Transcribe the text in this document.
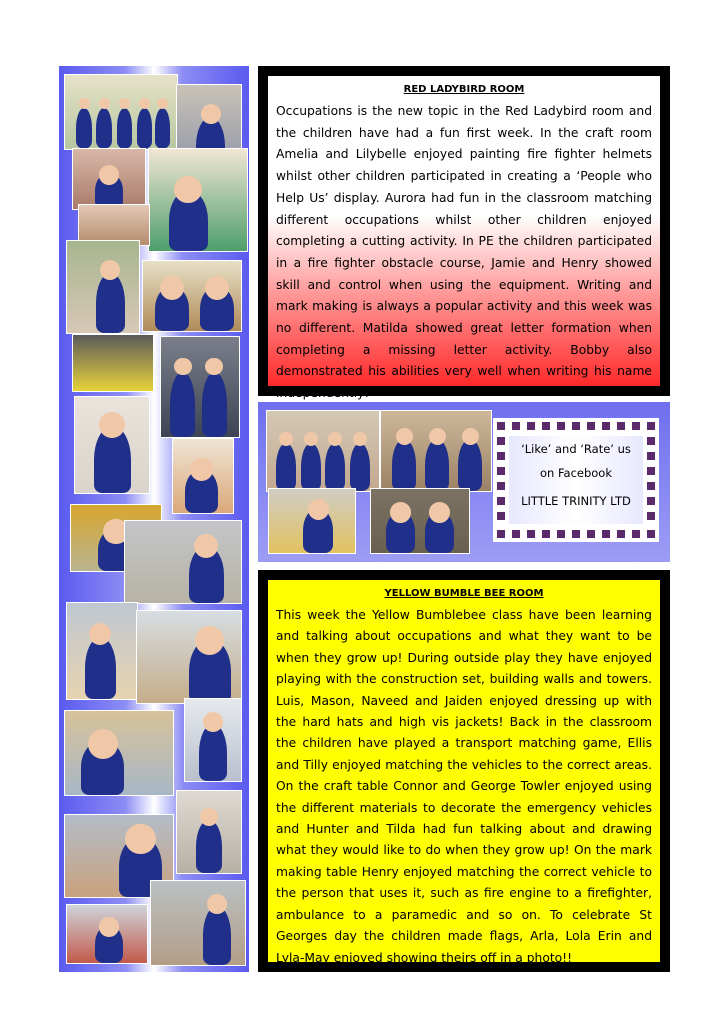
RED LADYBIRD ROOM
Occupations is the new topic in the Red Ladybird room and the children have had a fun first week. In the craft room Amelia and Lilybelle enjoyed painting fire fighter helmets whilst other children participated in creating a ‘People who Help Us’ display. Aurora had fun in the classroom matching different occupations whilst other children enjoyed completing a cutting activity. In PE the children participated in a fire fighter obstacle course, Jamie and Henry showed skill and control when using the equipment. Writing and mark making is always a popular activity and this week was no different. Matilda showed great letter formation when completing a missing letter activity. Bobby also demonstrated his abilities very well when writing his name independently!
‘Like’ and ‘Rate’ us
on Facebook
LITTLE TRINITY LTD
YELLOW BUMBLE BEE ROOM
This week the Yellow Bumblebee class have been learning and talking about occupations and what they want to be when they grow up! During outside play they have enjoyed playing with the construction set, building walls and towers. Luis, Mason, Naveed and Jaiden enjoyed dressing up with the hard hats and high vis jackets! Back in the classroom the children have played a transport matching game, Ellis and Tilly enjoyed matching the vehicles to the correct areas. On the craft table Connor and George Towler enjoyed using the different materials to decorate the emergency vehicles and Hunter and Tilda had fun talking about and drawing what they would like to do when they grow up! On the mark making table Henry enjoyed matching the correct vehicle to the person that uses it, such as fire engine to a firefighter, ambulance to a paramedic and so on. To celebrate St Georges day the children made flags, Arla, Lola Erin and Lyla-May enjoyed showing theirs off in a photo!!
